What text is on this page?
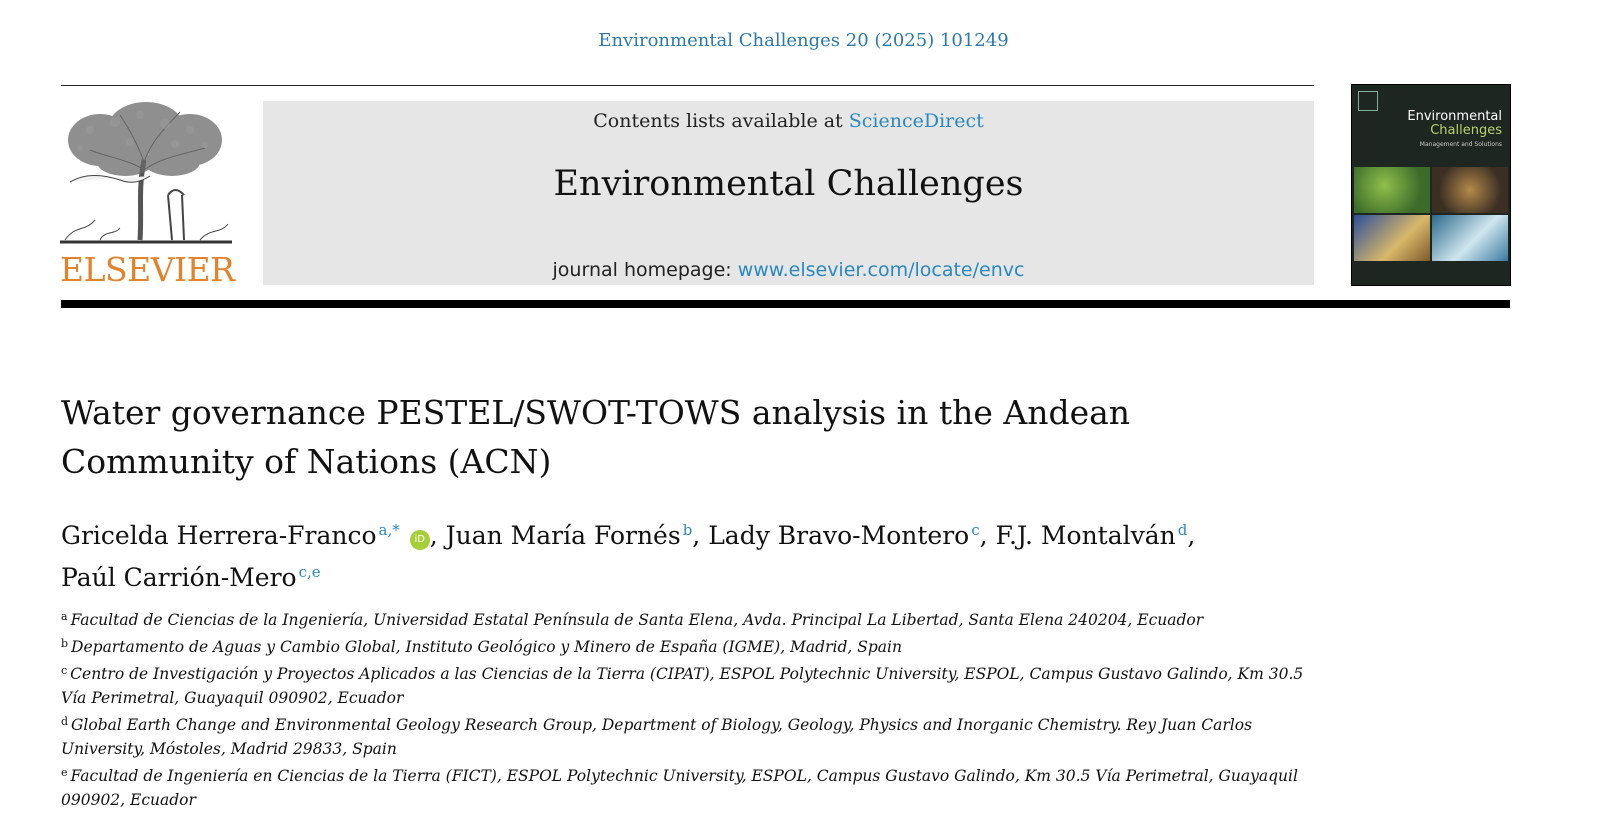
Environmental Challenges 20 (2025) 101249
ELSEVIER
Contents lists available at ScienceDirect
Environmental Challenges
journal homepage: www.elsevier.com/locate/envc
Environmental
Challenges
Management and Solutions
Water governance PESTEL/SWOT-TOWS analysis in the Andean Community of Nations (ACN)
Gricelda Herrera-Franco $^{a,*}$ iD , Juan María Fornés $^b$, Lady Bravo-Montero $^c$, F.J. Montalván $^d$,
Paúl Carrión-Mero $^{c,e}$
$^a$ Facultad de Ciencias de la Ingeniería, Universidad Estatal Península de Santa Elena, Avda. Principal La Libertad, Santa Elena 240204, Ecuador
$^b$ Departamento de Aguas y Cambio Global, Instituto Geológico y Minero de España (IGME), Madrid, Spain
$^c$ Centro de Investigación y Proyectos Aplicados a las Ciencias de la Tierra (CIPAT), ESPOL Polytechnic University, ESPOL, Campus Gustavo Galindo, Km 30.5 Vía Perimetral, Guayaquil 090902, Ecuador
$^d$ Global Earth Change and Environmental Geology Research Group, Department of Biology, Geology, Physics and Inorganic Chemistry. Rey Juan Carlos University, Móstoles, Madrid 29833, Spain
$^e$ Facultad de Ingeniería en Ciencias de la Tierra (FICT), ESPOL Polytechnic University, ESPOL, Campus Gustavo Galindo, Km 30.5 Vía Perimetral, Guayaquil 090902, Ecuador
